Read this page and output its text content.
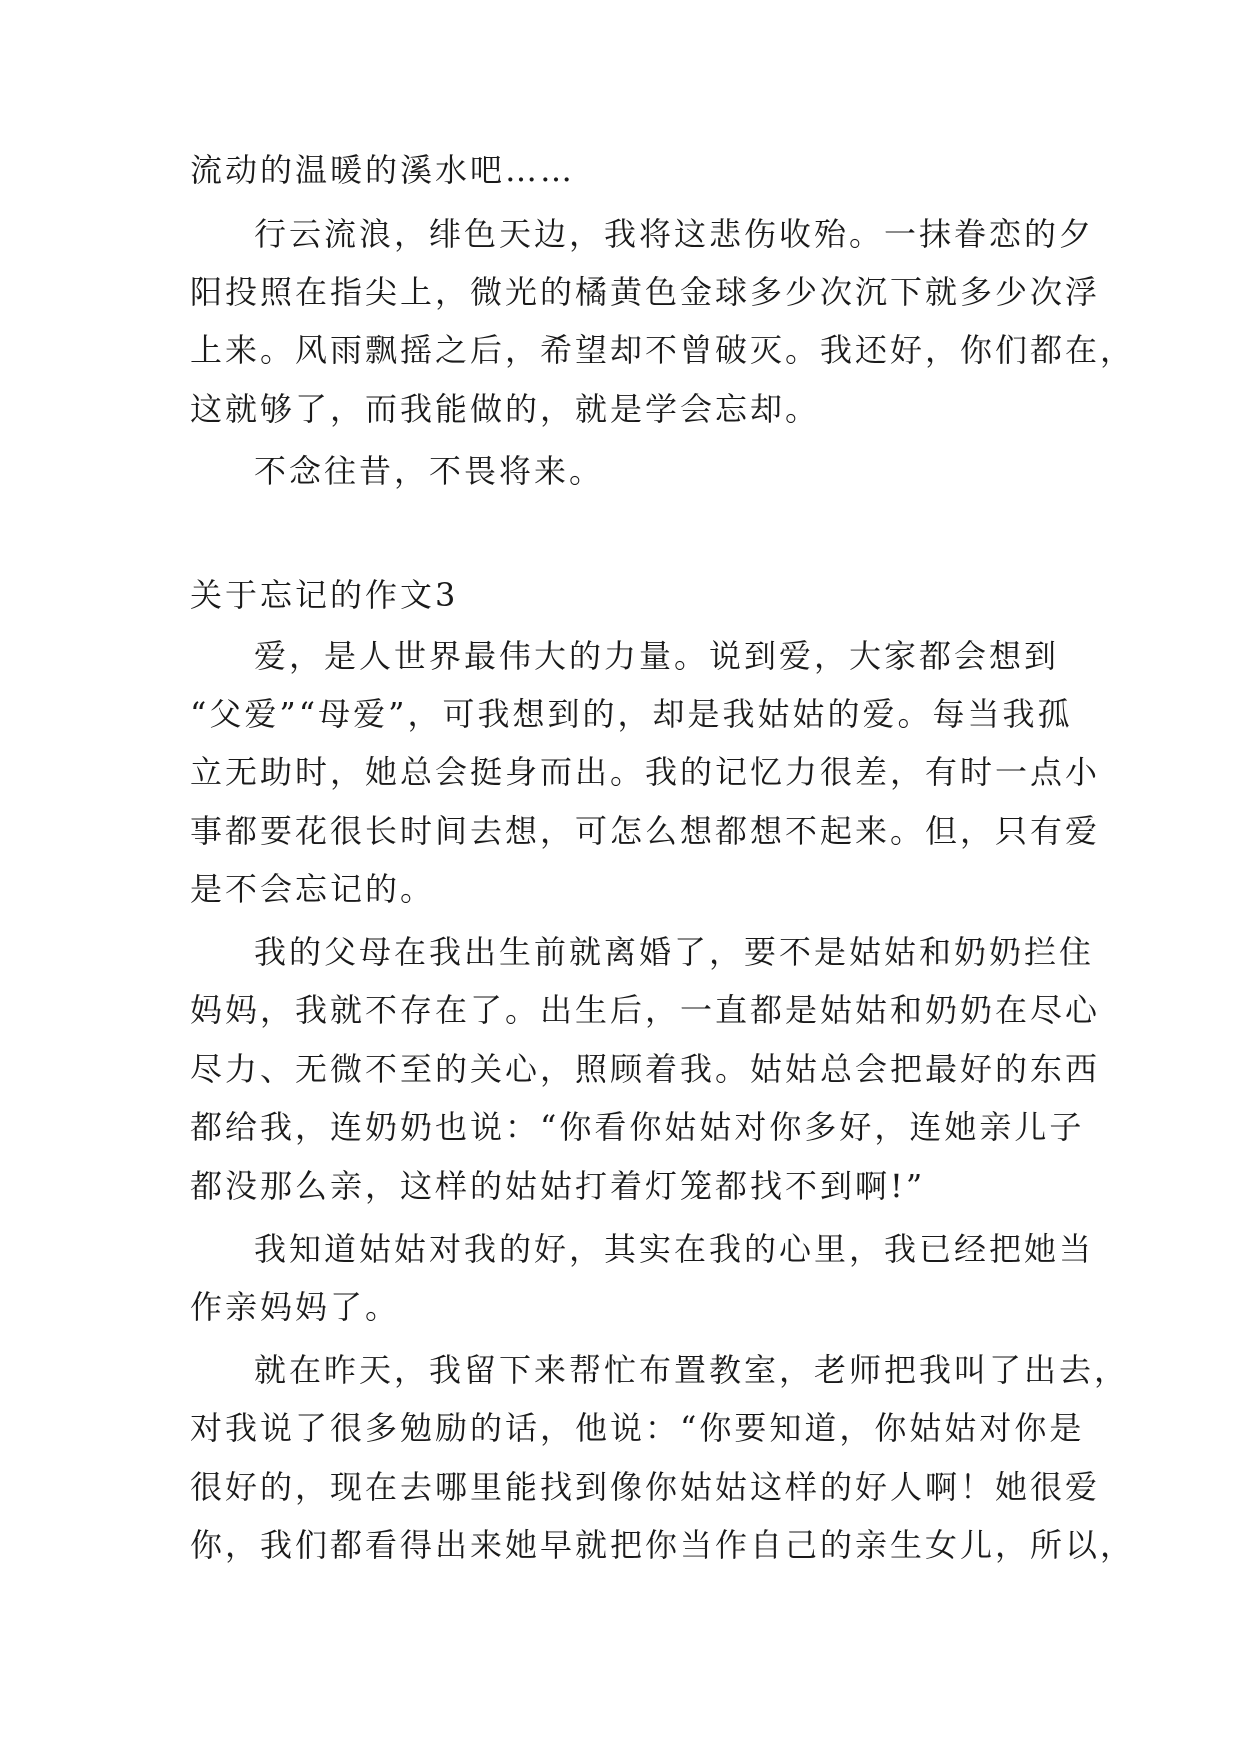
流动的温暖的溪水吧……
行云流浪，绯色天边，我将这悲伤收殆。一抹眷恋的夕
阳投照在指尖上，微光的橘黄色金球多少次沉下就多少次浮
上来。风雨飘摇之后，希望却不曾破灭。我还好，你们都在，
这就够了，而我能做的，就是学会忘却。
不念往昔，不畏将来。
关于忘记的作文3
爱，是人世界最伟大的力量。说到爱，大家都会想到
“父爱”“母爱”，可我想到的，却是我姑姑的爱。每当我孤
立无助时，她总会挺身而出。我的记忆力很差，有时一点小
事都要花很长时间去想，可怎么想都想不起来。但，只有爱
是不会忘记的。
我的父母在我出生前就离婚了，要不是姑姑和奶奶拦住
妈妈，我就不存在了。出生后，一直都是姑姑和奶奶在尽心
尽力、无微不至的关心，照顾着我。姑姑总会把最好的东西
都给我，连奶奶也说：“你看你姑姑对你多好，连她亲儿子
都没那么亲，这样的姑姑打着灯笼都找不到啊!”
我知道姑姑对我的好，其实在我的心里，我已经把她当
作亲妈妈了。
就在昨天，我留下来帮忙布置教室，老师把我叫了出去，
对我说了很多勉励的话，他说：“你要知道，你姑姑对你是
很好的，现在去哪里能找到像你姑姑这样的好人啊！她很爱
你，我们都看得出来她早就把你当作自己的亲生女儿，所以，
